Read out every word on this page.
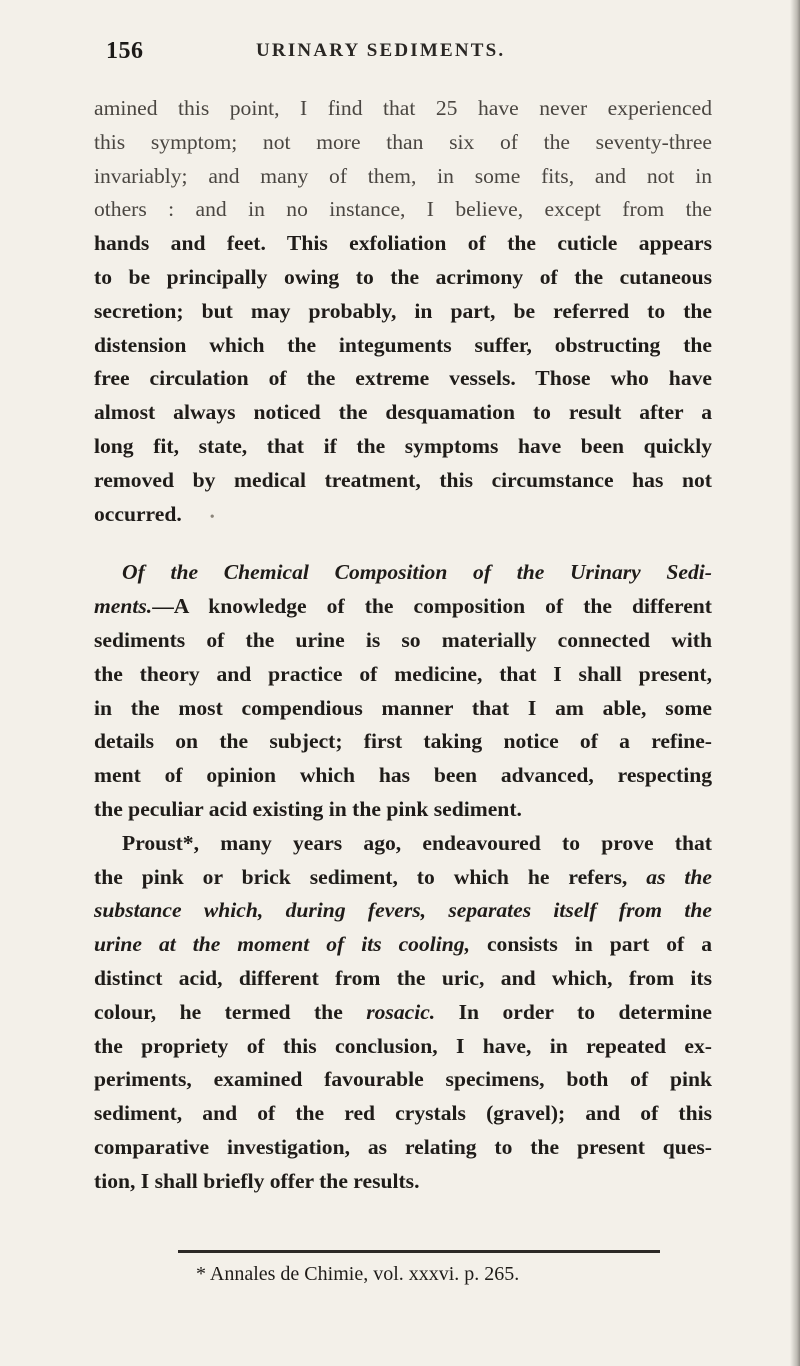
156	URINARY SEDIMENTS.
amined this point, I find that 25 have never experienced
this symptom; not more than six of the seventy-three
invariably; and many of them, in some fits, and not in
others : and in no instance, I believe, except from the
hands and feet. This exfoliation of the cuticle appears
to be principally owing to the acrimony of the cutaneous
secretion; but may probably, in part, be referred to the
distension which the integuments suffer, obstructing the
free circulation of the extreme vessels. Those who have
almost always noticed the desquamation to result after a
long fit, state, that if the symptoms have been quickly
removed by medical treatment, this circumstance has not
occurred. •
Of the Chemical Composition of the Urinary Sedi-
ments.—A knowledge of the composition of the different
sediments of the urine is so materially connected with
the theory and practice of medicine, that I shall present,
in the most compendious manner that I am able, some
details on the subject; first taking notice of a refine-
ment of opinion which has been advanced, respecting
the peculiar acid existing in the pink sediment.
Proust*, many years ago, endeavoured to prove that
the pink or brick sediment, to which he refers, as the
substance which, during fevers, separates itself from the
urine at the moment of its cooling, consists in part of a
distinct acid, different from the uric, and which, from its
colour, he termed the rosacic. In order to determine
the propriety of this conclusion, I have, in repeated ex-
periments, examined favourable specimens, both of pink
sediment, and of the red crystals (gravel); and of this
comparative investigation, as relating to the present ques-
tion, I shall briefly offer the results.
* Annales de Chimie, vol. xxxvi. p. 265.
